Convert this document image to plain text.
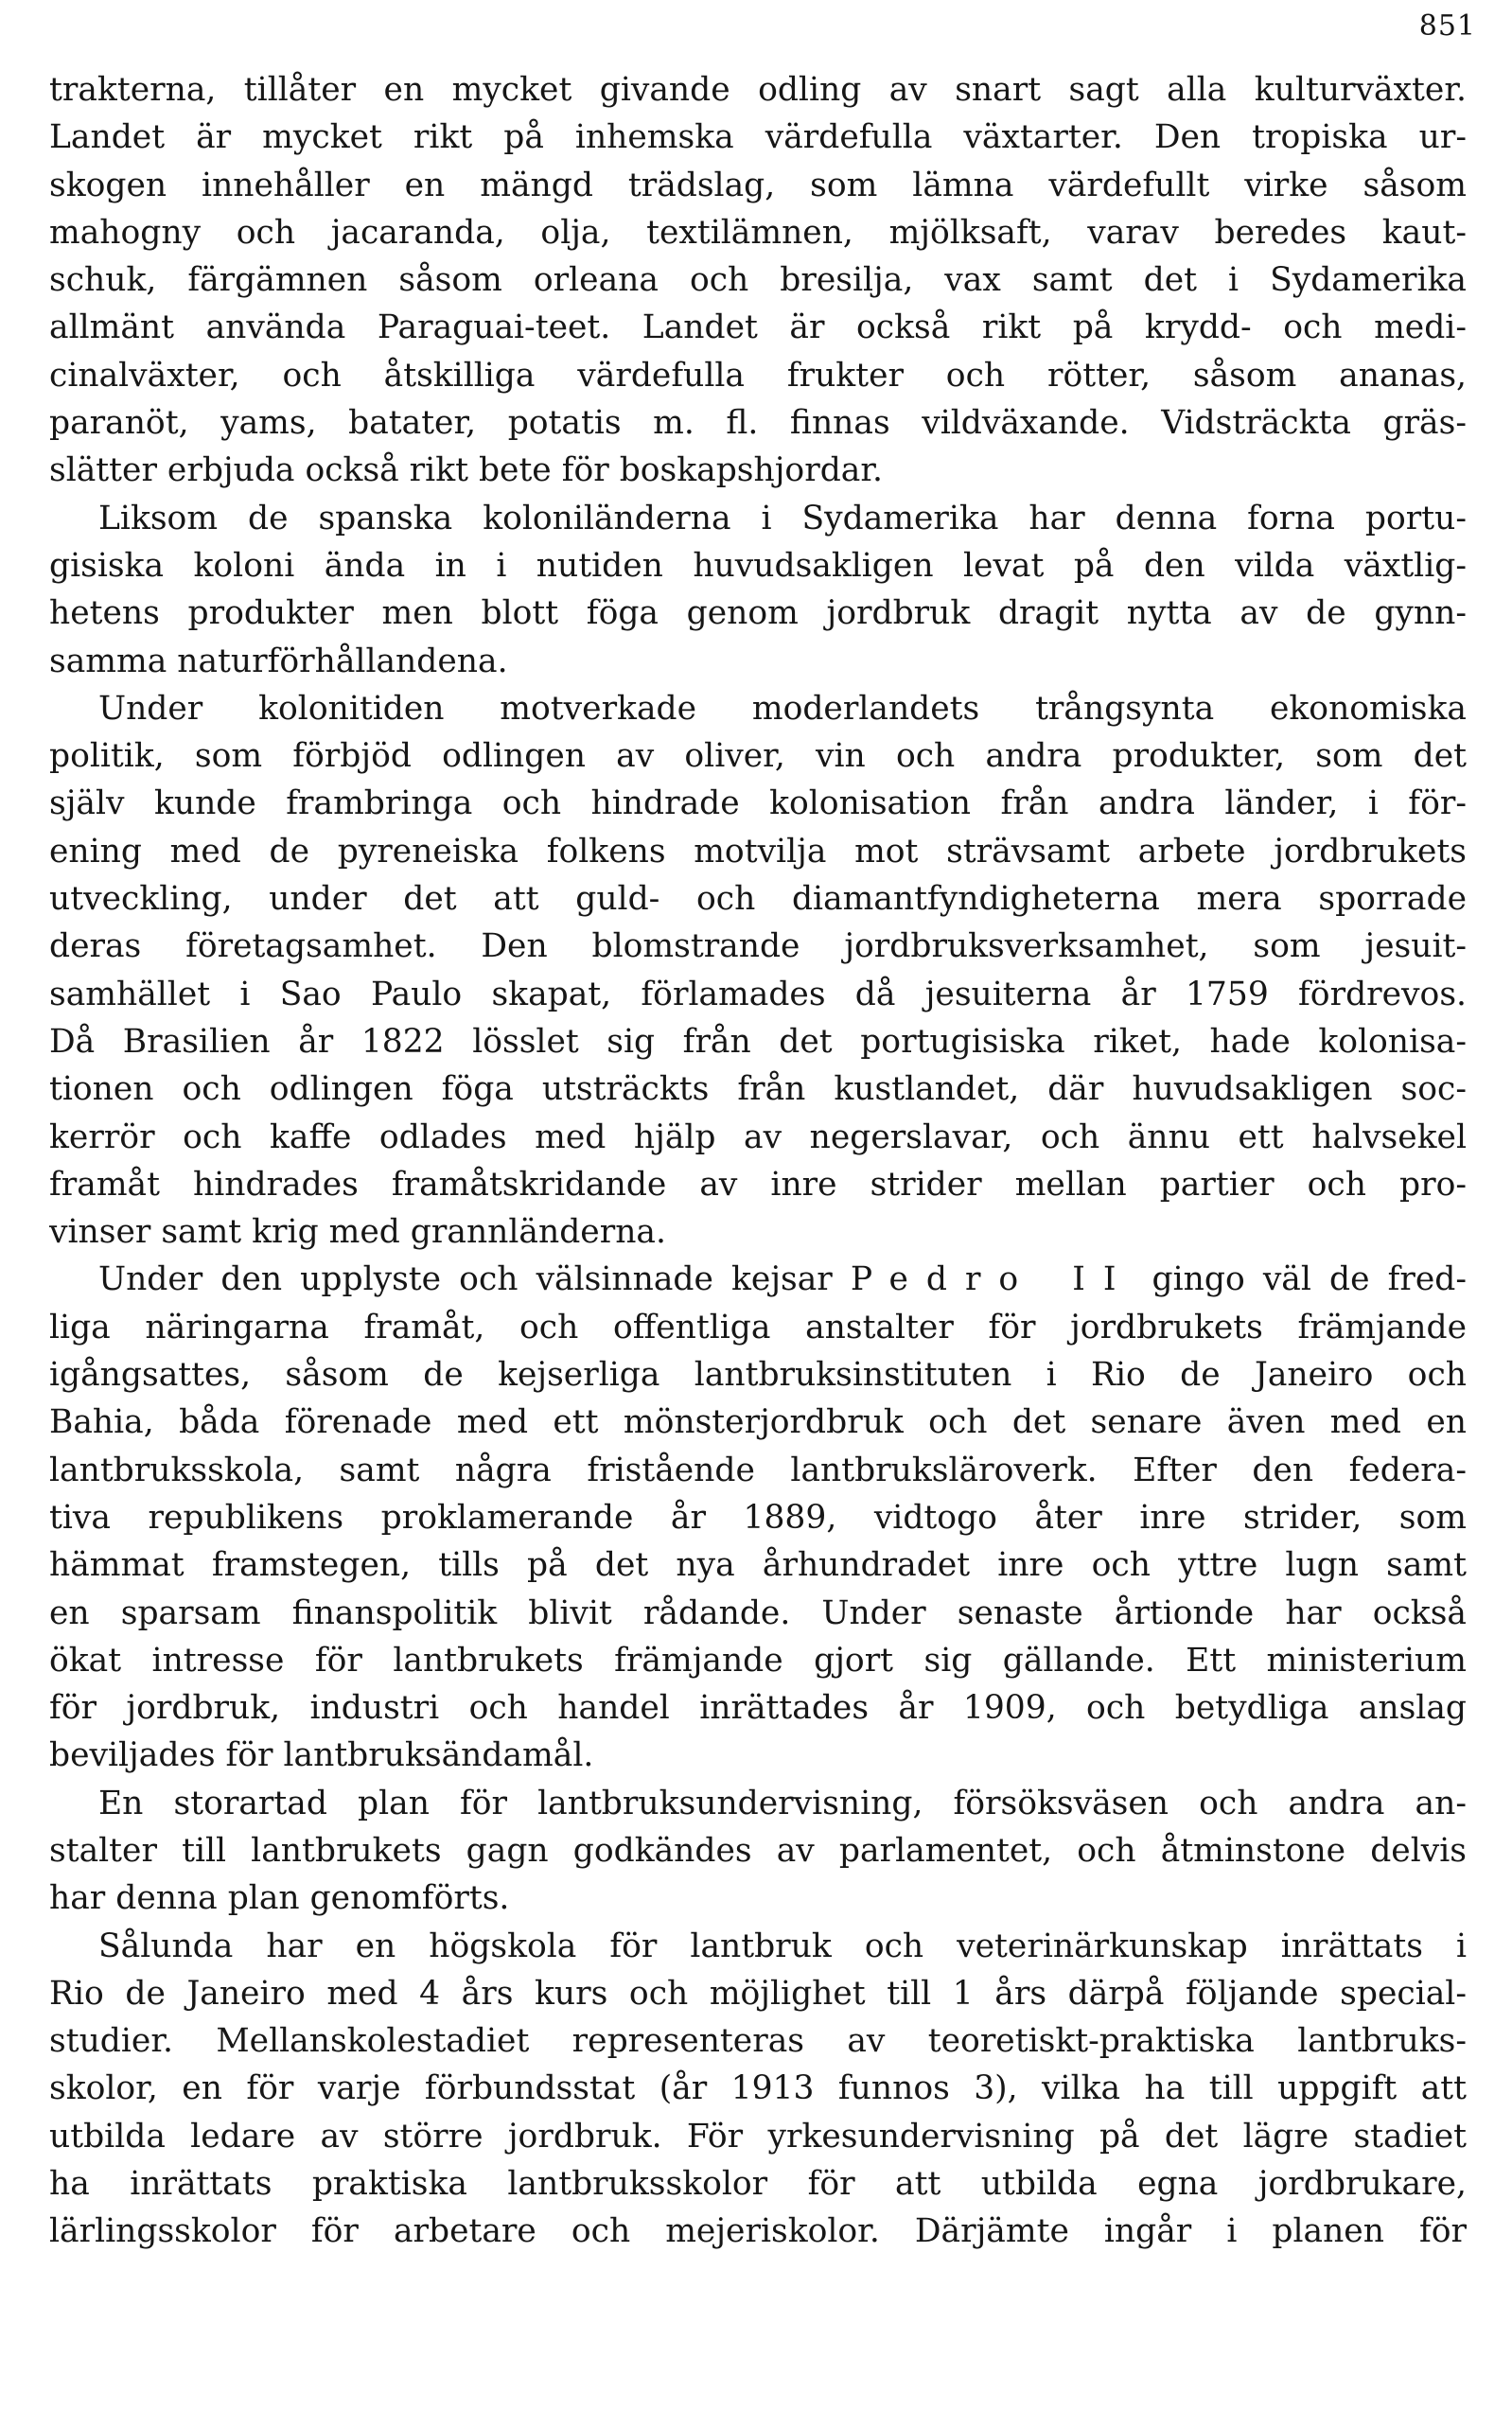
851
trakterna, tillåter en mycket givande odling av snart sagt alla kulturväxter.
Landet är mycket rikt på inhemska värdefulla växtarter. Den tropiska ur-
skogen innehåller en mängd trädslag, som lämna värdefullt virke såsom
mahogny och jacaranda, olja, textilämnen, mjölksaft, varav beredes kaut-
schuk, färgämnen såsom orleana och bresilja, vax samt det i Sydamerika
allmänt använda Paraguai-teet. Landet är också rikt på krydd- och medi-
cinalväxter, och åtskilliga värdefulla frukter och rötter, såsom ananas,
paranöt, yams, batater, potatis m. fl. finnas vildväxande. Vidsträckta gräs-
slätter erbjuda också rikt bete för boskapshjordar.
Liksom de spanska koloniländerna i Sydamerika har denna forna portu-
gisiska koloni ända in i nutiden huvudsakligen levat på den vilda växtlig-
hetens produkter men blott föga genom jordbruk dragit nytta av de gynn-
samma naturförhållandena.
Under kolonitiden motverkade moderlandets trångsynta ekonomiska
politik, som förbjöd odlingen av oliver, vin och andra produkter, som det
själv kunde frambringa och hindrade kolonisation från andra länder, i för-
ening med de pyreneiska folkens motvilja mot strävsamt arbete jordbrukets
utveckling, under det att guld- och diamantfyndigheterna mera sporrade
deras företagsamhet. Den blomstrande jordbruksverksamhet, som jesuit-
samhället i Sao Paulo skapat, förlamades då jesuiterna år 1759 fördrevos.
Då Brasilien år 1822 lösslet sig från det portugisiska riket, hade kolonisa-
tionen och odlingen föga utsträckts från kustlandet, där huvudsakligen soc-
kerrör och kaffe odlades med hjälp av negerslavar, och ännu ett halvsekel
framåt hindrades framåtskridande av inre strider mellan partier och pro-
vinser samt krig med grannländerna.
Under den upplyste och välsinnade kejsar Pedro II gingo väl de fred-
liga näringarna framåt, och offentliga anstalter för jordbrukets främjande
igångsattes, såsom de kejserliga lantbruksinstituten i Rio de Janeiro och
Bahia, båda förenade med ett mönsterjordbruk och det senare även med en
lantbruksskola, samt några fristående lantbruksläroverk. Efter den federa-
tiva republikens proklamerande år 1889, vidtogo åter inre strider, som
hämmat framstegen, tills på det nya århundradet inre och yttre lugn samt
en sparsam finanspolitik blivit rådande. Under senaste årtionde har också
ökat intresse för lantbrukets främjande gjort sig gällande. Ett ministerium
för jordbruk, industri och handel inrättades år 1909, och betydliga anslag
beviljades för lantbruksändamål.
En storartad plan för lantbruksundervisning, försöksväsen och andra an-
stalter till lantbrukets gagn godkändes av parlamentet, och åtminstone delvis
har denna plan genomförts.
Sålunda har en högskola för lantbruk och veterinärkunskap inrättats i
Rio de Janeiro med 4 års kurs och möjlighet till 1 års därpå följande special-
studier. Mellanskolestadiet representeras av teoretiskt-praktiska lantbruks-
skolor, en för varje förbundsstat (år 1913 funnos 3), vilka ha till uppgift att
utbilda ledare av större jordbruk. För yrkesundervisning på det lägre stadiet
ha inrättats praktiska lantbruksskolor för att utbilda egna jordbrukare,
lärlingsskolor för arbetare och mejeriskolor. Därjämte ingår i planen för
